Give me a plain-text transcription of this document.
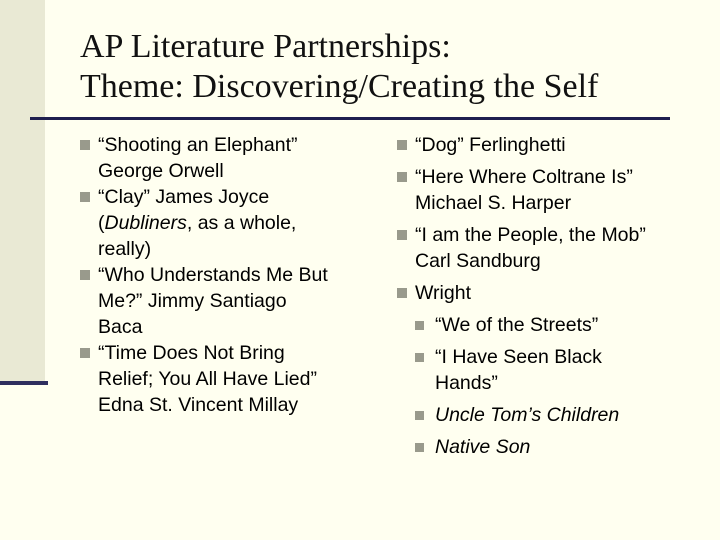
AP Literature Partnerships:
Theme: Discovering/Creating the Self
“Shooting an Elephant”
George Orwell
“Clay” James Joyce
(Dubliners, as a whole,
really)
“Who Understands Me But
Me?” Jimmy Santiago
Baca
“Time Does Not Bring
Relief; You All Have Lied”
Edna St. Vincent Millay
“Dog” Ferlinghetti
“Here Where Coltrane Is”
Michael S. Harper
“I am the People, the Mob”
Carl Sandburg
Wright
“We of the Streets”
“I Have Seen Black
Hands”
Uncle Tom’s Children
Native Son
